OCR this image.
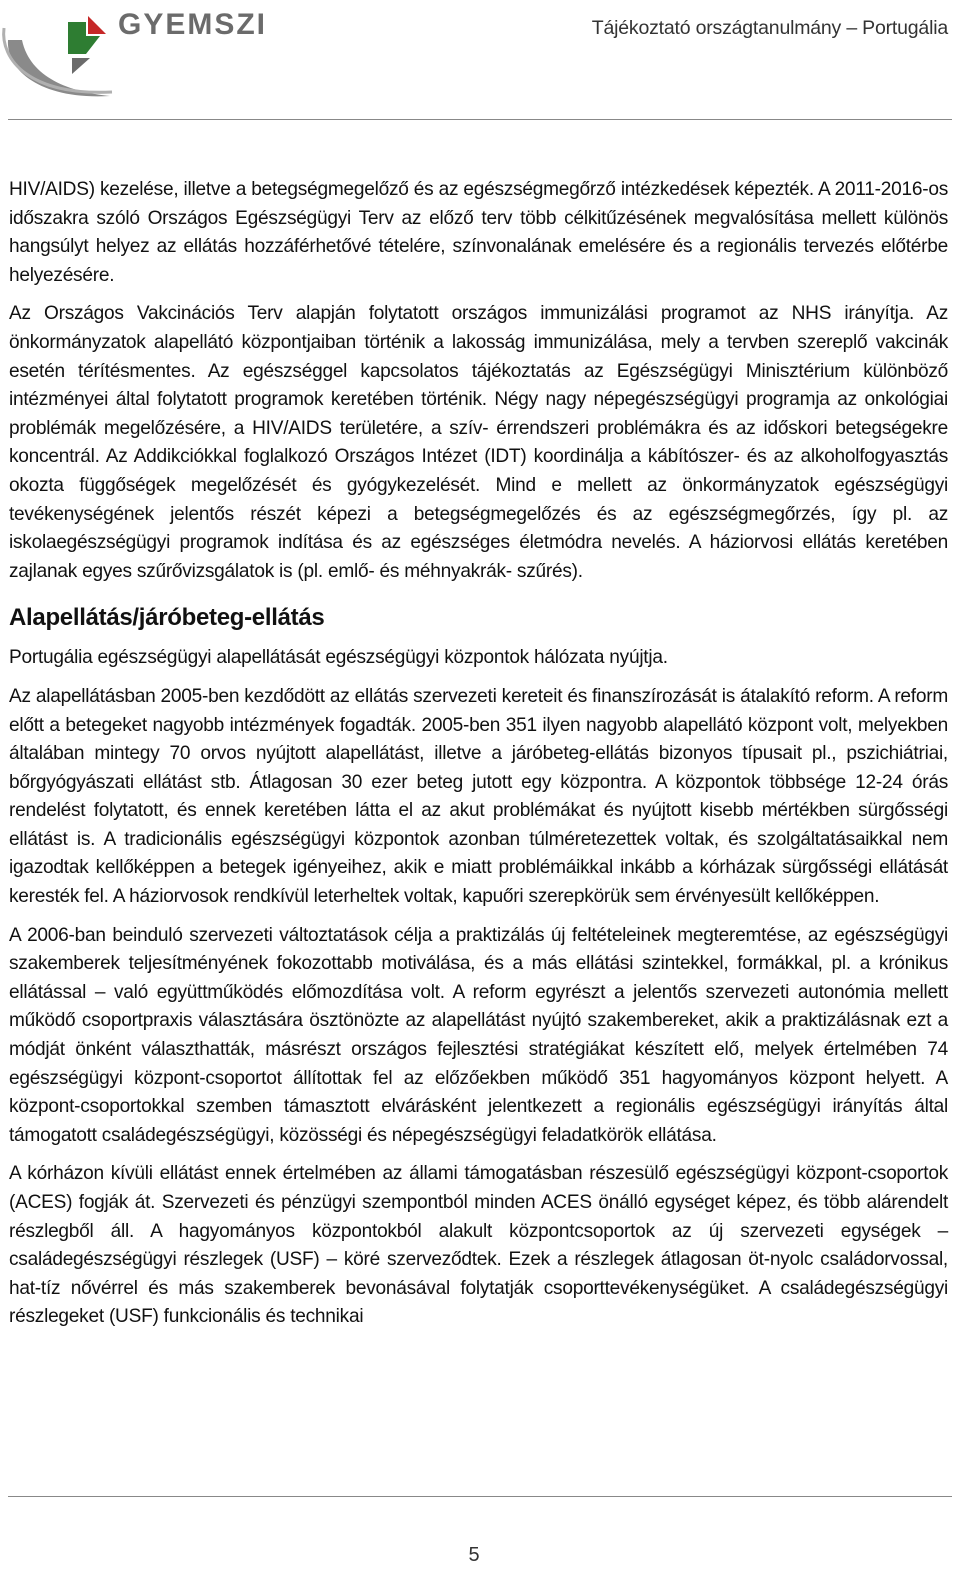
GYEMSZI	Tájékoztató országtanulmány – Portugália

HIV/AIDS) kezelése, illetve a betegségmegelőző és az egészségmegőrző intézkedések képezték. A 2011-2016-os időszakra szóló Országos Egészségügyi Terv az előző terv több célkitűzésének megvalósítása mellett különös hangsúlyt helyez az ellátás hozzáférhetővé tételére, színvonalának emelésére és a regionális tervezés előtérbe helyezésére.

Az Országos Vakcinációs Terv alapján folytatott országos immunizálási programot az NHS irányítja. Az önkormányzatok alapellátó központjaiban történik a lakosság immunizálása, mely a tervben szereplő vakcinák esetén térítésmentes. Az egészséggel kapcsolatos tájékoztatás az Egészségügyi Minisztérium különböző intézményei által folytatott programok keretében történik. Négy nagy népegészségügyi programja az onkológiai problémák megelőzésére, a HIV/AIDS területére, a szív- érrendszeri problémákra és az időskori betegségekre koncentrál. Az Addikciókkal foglalkozó Országos Intézet (IDT) koordinálja a kábítószer- és az alkoholfogyasztás okozta függőségek megelőzését és gyógykezelését. Mind e mellett az önkormányzatok egészségügyi tevékenységének jelentős részét képezi a betegségmegelőzés és az egészségmegőrzés, így pl. az iskolaegészségügyi programok indítása és az egészséges életmódra nevelés. A háziorvosi ellátás keretében zajlanak egyes szűrővizsgálatok is (pl. emlő- és méhnyakrák- szűrés).

Alapellátás/járóbeteg-ellátás

Portugália egészségügyi alapellátását egészségügyi központok hálózata nyújtja.

Az alapellátásban 2005-ben kezdődött az ellátás szervezeti kereteit és finanszírozását is átalakító reform. A reform előtt a betegeket nagyobb intézmények fogadták. 2005-ben 351 ilyen nagyobb alapellátó központ volt, melyekben általában mintegy 70 orvos nyújtott alapellátást, illetve a járóbeteg-ellátás bizonyos típusait pl., pszichiátriai, bőrgyógyászati ellátást stb. Átlagosan 30 ezer beteg jutott egy központra. A központok többsége 12-24 órás rendelést folytatott, és ennek keretében látta el az akut problémákat és nyújtott kisebb mértékben sürgősségi ellátást is. A tradicionális egészségügyi központok azonban túlméretezettek voltak, és szolgáltatásaikkal nem igazodtak kellőképpen a betegek igényeihez, akik e miatt problémáikkal inkább a kórházak sürgősségi ellátását keresték fel. A háziorvosok rendkívül leterheltek voltak, kapuőri szerepkörük sem érvényesült kellőképpen.

A 2006-ban beinduló szervezeti változtatások célja a praktizálás új feltételeinek megteremtése, az egészségügyi szakemberek teljesítményének fokozottabb motiválása, és a más ellátási szintekkel, formákkal, pl. a krónikus ellátással – való együttműködés előmozdítása volt. A reform egyrészt a jelentős szervezeti autonómia mellett működő csoportpraxis választására ösztönözte az alapellátást nyújtó szakembereket, akik a praktizálásnak ezt a módját önként választhatták, másrészt országos fejlesztési stratégiákat készített elő, melyek értelmében 74 egészségügyi központ-csoportot állítottak fel az előzőekben működő 351 hagyományos központ helyett. A központ-csoportokkal szemben támasztott elvárásként jelentkezett a regionális egészségügyi irányítás által támogatott családegészségügyi, közösségi és népegészségügyi feladatkörök ellátása.

A kórházon kívüli ellátást ennek értelmében az állami támogatásban részesülő egészségügyi központ-csoportok (ACES) fogják át. Szervezeti és pénzügyi szempontból minden ACES önálló egységet képez, és több alárendelt részlegből áll. A hagyományos központokból alakult központcsoportok az új szervezeti egységek – családegészségügyi részlegek (USF) – köré szerveződtek. Ezek a részlegek átlagosan öt-nyolc családorvossal, hat-tíz nővérrel és más szakemberek bevonásával folytatják csoporttevékenységüket. A családegészségügyi részlegeket (USF) funkcionális és technikai

5
